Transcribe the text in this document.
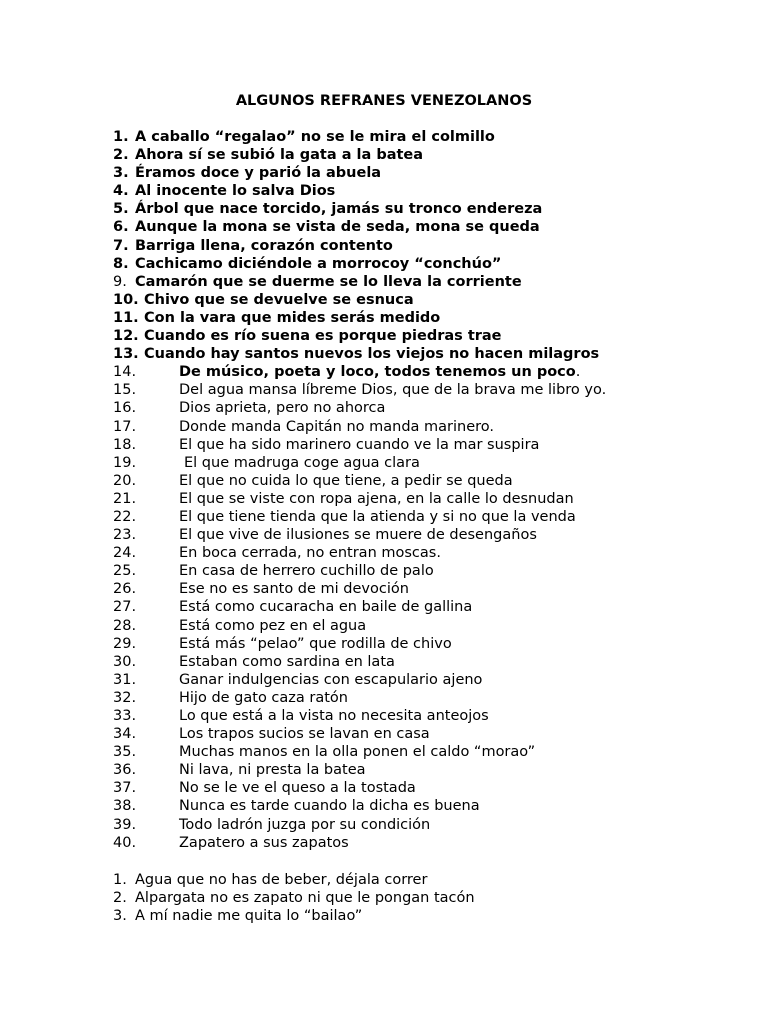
ALGUNOS REFRANES VENEZOLANOS
1. A caballo “regalao” no se le mira el colmillo
2. Ahora sí se subió la gata a la batea
3. Éramos doce y parió la abuela
4. Al inocente lo salva Dios
5. Árbol que nace torcido, jamás su tronco endereza
6. Aunque la mona se vista de seda, mona se queda
7. Barriga llena, corazón contento
8. Cachicamo diciéndole a morrocoy “conchúo”
9. Camarón que se duerme se lo lleva la corriente
10. Chivo que se devuelve se esnuca
11. Con la vara que mides serás medido
12. Cuando es río suena es porque piedras trae
13. Cuando hay santos nuevos los viejos no hacen milagros
14.	De músico, poeta y loco, todos tenemos un poco.
15.	Del agua mansa líbreme Dios, que de la brava me libro yo.
16.	Dios aprieta, pero no ahorca
17.	Donde manda Capitán no manda marinero.
18.	El que ha sido marinero cuando ve la mar suspira
19.	El que madruga coge agua clara
20.	El que no cuida lo que tiene, a pedir se queda
21.	El que se viste con ropa ajena, en la calle lo desnudan
22.	El que tiene tienda que la atienda y si no que la venda
23.	El que vive de ilusiones se muere de desengaños
24.	En boca cerrada, no entran moscas.
25.	En casa de herrero cuchillo de palo
26.	Ese no es santo de mi devoción
27.	Está como cucaracha en baile de gallina
28.	Está como pez en el agua
29.	Está más “pelao” que rodilla de chivo
30.	Estaban como sardina en lata
31.	Ganar indulgencias con escapulario ajeno
32.	Hijo de gato caza ratón
33.	Lo que está a la vista no necesita anteojos
34.	Los trapos sucios se lavan en casa
35.	Muchas manos en la olla ponen el caldo “morao”
36.	Ni lava, ni presta la batea
37.	No se le ve el queso a la tostada
38.	Nunca es tarde cuando la dicha es buena
39.	Todo ladrón juzga por su condición
40.	Zapatero a sus zapatos
1. Agua que no has de beber, déjala correr
2. Alpargata no es zapato ni que le pongan tacón
3. A mí nadie me quita lo “bailao”
